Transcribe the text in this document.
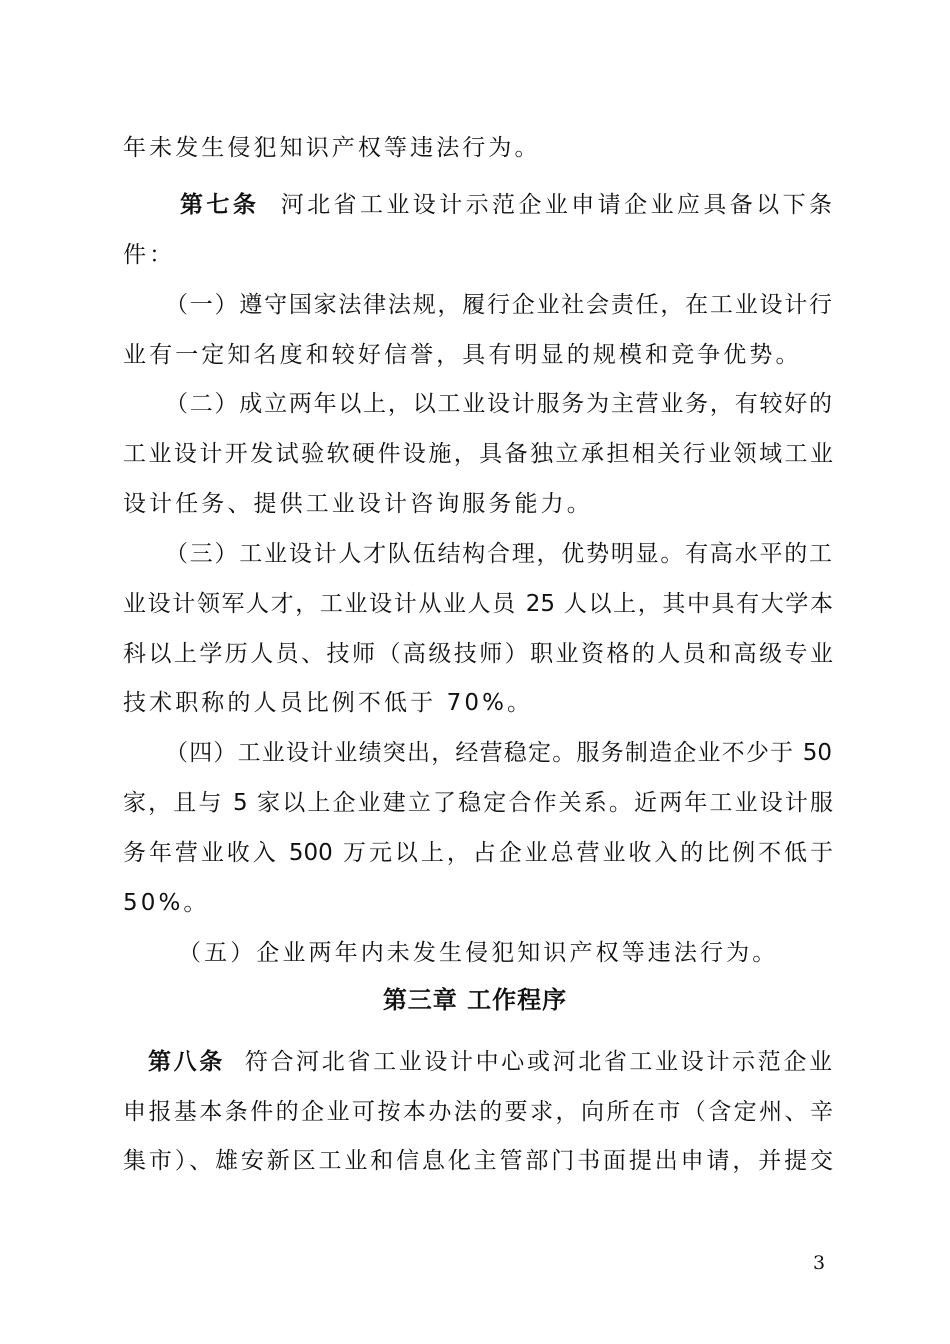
年未发生侵犯知识产权等违法行为。
第七条 河北省工业设计示范企业申请企业应具备以下条
件：
（一）遵守国家法律法规，履行企业社会责任，在工业设计行
业有一定知名度和较好信誉，具有明显的规模和竞争优势。
（二）成立两年以上，以工业设计服务为主营业务，有较好的
工业设计开发试验软硬件设施，具备独立承担相关行业领域工业
设计任务、提供工业设计咨询服务能力。
（三）工业设计人才队伍结构合理，优势明显。有高水平的工
业设计领军人才，工业设计从业人员 25 人以上，其中具有大学本
科以上学历人员、技师（高级技师）职业资格的人员和高级专业
技术职称的人员比例不低于 70%。
（四）工业设计业绩突出，经营稳定。服务制造企业不少于 50
家，且与 5 家以上企业建立了稳定合作关系。近两年工业设计服
务年营业收入 500 万元以上，占企业总营业收入的比例不低于
50%。
（五）企业两年内未发生侵犯知识产权等违法行为。
第三章 工作程序
第八条 符合河北省工业设计中心或河北省工业设计示范企业
申报基本条件的企业可按本办法的要求，向所在市（含定州、辛
集市）、雄安新区工业和信息化主管部门书面提出申请，并提交
3
